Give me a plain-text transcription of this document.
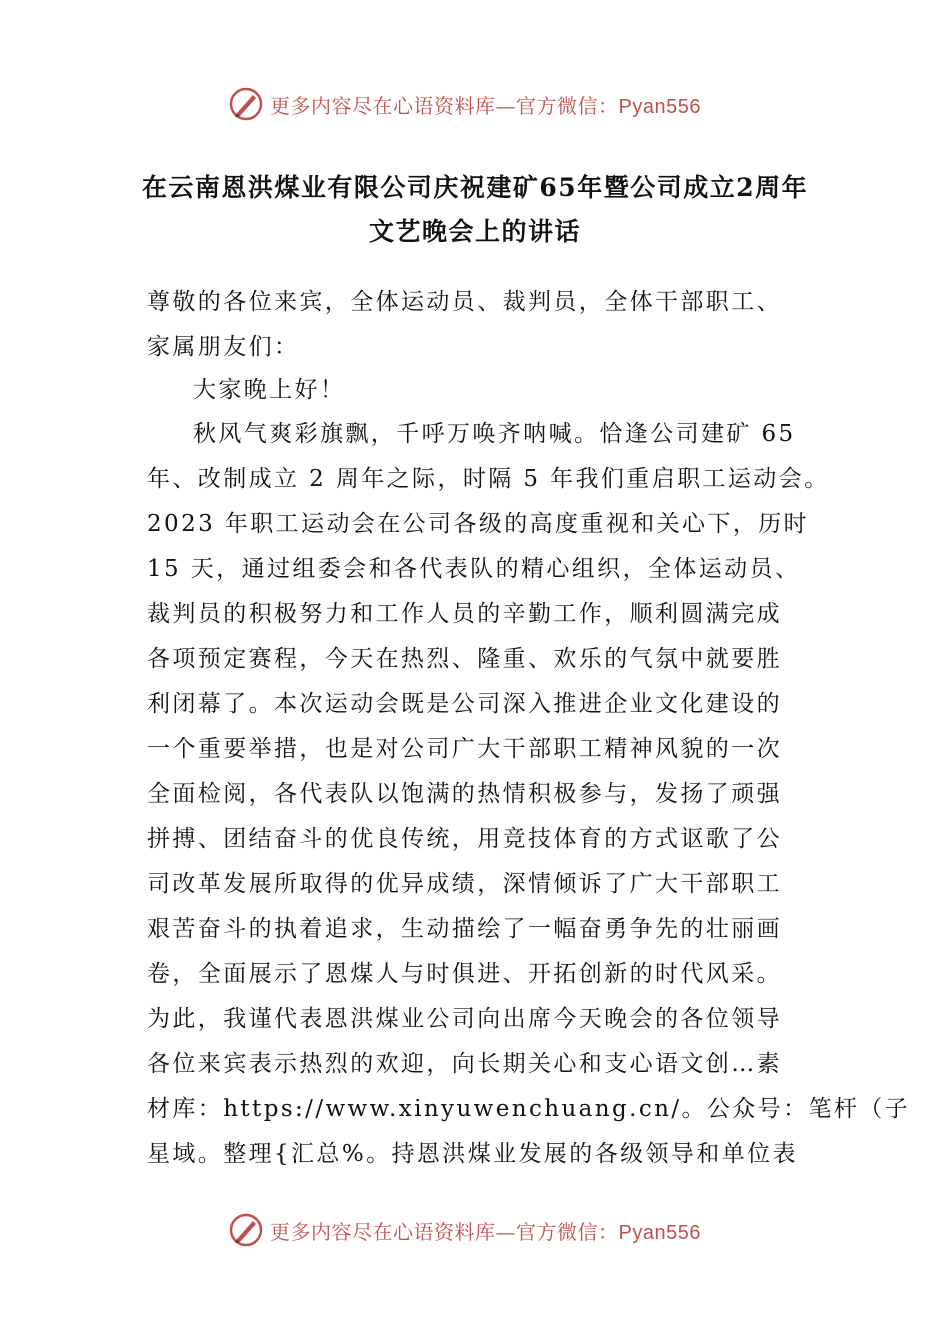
更多内容尽在心语资料库—官方微信：Pyan556
在云南恩洪煤业有限公司庆祝建矿65年暨公司成立2周年
文艺晚会上的讲话
尊敬的各位来宾，全体运动员、裁判员，全体干部职工、
家属朋友们：
大家晚上好！
秋风气爽彩旗飘，千呼万唤齐呐喊。恰逢公司建矿 65
年、改制成立 2 周年之际，时隔 5 年我们重启职工运动会。
2023 年职工运动会在公司各级的高度重视和关心下，历时
15 天，通过组委会和各代表队的精心组织，全体运动员、
裁判员的积极努力和工作人员的辛勤工作，顺利圆满完成
各项预定赛程，今天在热烈、隆重、欢乐的气氛中就要胜
利闭幕了。本次运动会既是公司深入推进企业文化建设的
一个重要举措，也是对公司广大干部职工精神风貌的一次
全面检阅，各代表队以饱满的热情积极参与，发扬了顽强
拼搏、团结奋斗的优良传统，用竞技体育的方式讴歌了公
司改革发展所取得的优异成绩，深情倾诉了广大干部职工
艰苦奋斗的执着追求，生动描绘了一幅奋勇争先的壮丽画
卷，全面展示了恩煤人与时俱进、开拓创新的时代风采。
为此，我谨代表恩洪煤业公司向出席今天晚会的各位领导
各位来宾表示热烈的欢迎，向长期关心和支心语文创…素
材库：https://www.xinyuwenchuang.cn/。公众号：笔杆（子
星域。整理{汇总%。持恩洪煤业发展的各级领导和单位表
更多内容尽在心语资料库—官方微信：Pyan556
